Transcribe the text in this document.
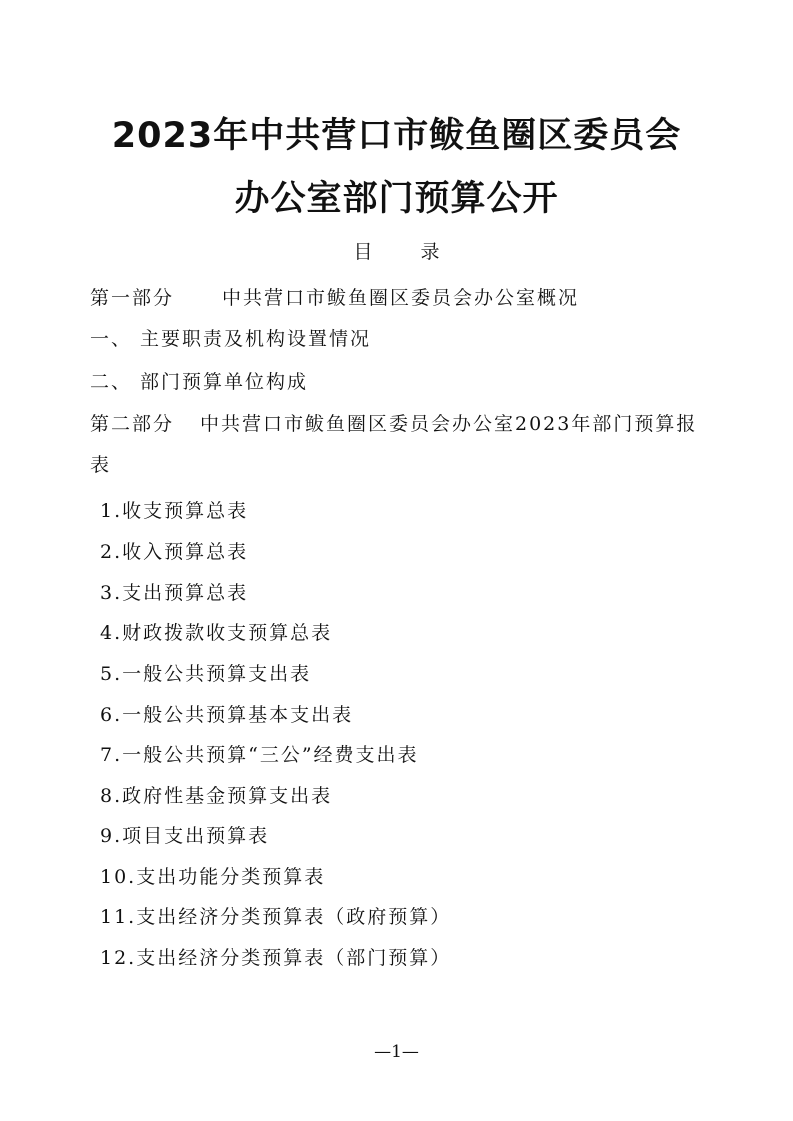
2023年中共营口市鲅鱼圈区委员会
办公室部门预算公开
目	录
第一部分	中共营口市鲅鱼圈区委员会办公室概况
一、 主要职责及机构设置情况
二、 部门预算单位构成
第二部分 中共营口市鲅鱼圈区委员会办公室2023年部门预算报
表
1.收支预算总表
2.收入预算总表
3.支出预算总表
4.财政拨款收支预算总表
5.一般公共预算支出表
6.一般公共预算基本支出表
7.一般公共预算“三公”经费支出表
8.政府性基金预算支出表
9.项目支出预算表
10.支出功能分类预算表
11.支出经济分类预算表（政府预算）
12.支出经济分类预算表（部门预算）
—1—
